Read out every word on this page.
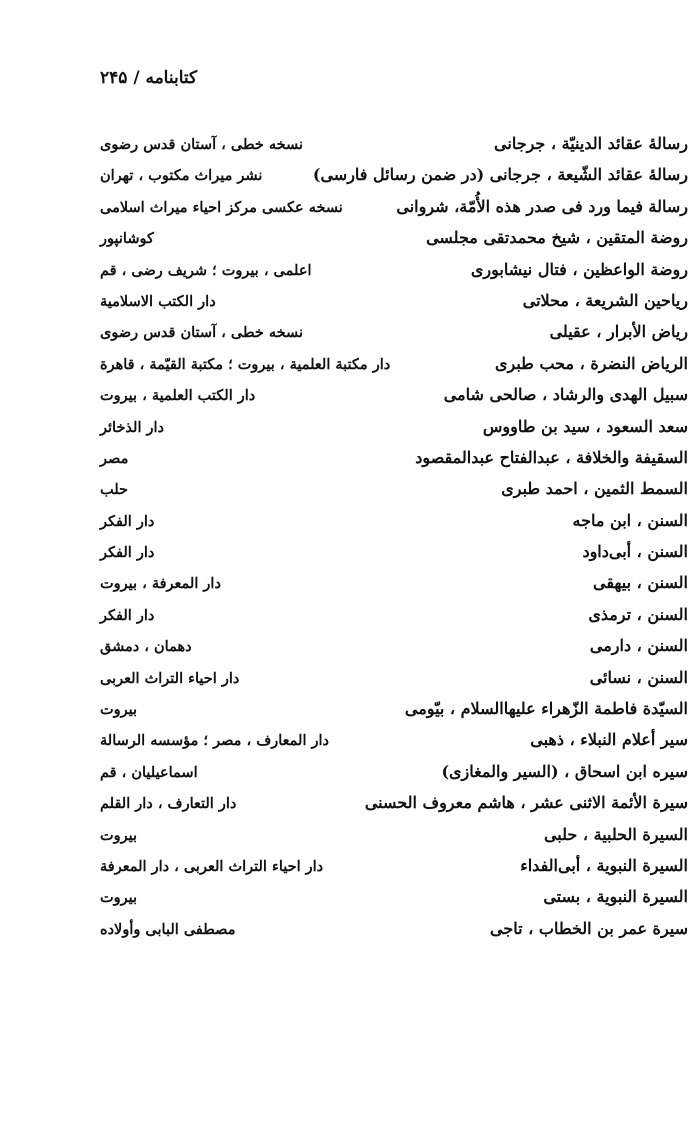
کتابنامه / ۲۴۵
رسالهٔ عقائد الدینیّة ، جرجانی
نسخه خطی ، آستان قدس رضوی
رسالهٔ عقائد الشّیعة ، جرجانی (در ضمن رسائل فارسی)
نشر میراث مکتوب ، تهران
رسالة فیما ورد فی صدر هذه الأُمّة، شروانی
نسخه عکسی مرکز احیاء میراث اسلامی
روضة المتقین ، شیخ محمدتقی مجلسی
کوشانپور
روضة الواعظین ، فتال نیشابوری
اعلمی ، بیروت ؛ شریف رضی ، قم
ریاحین الشریعة ، محلاتی
دار الکتب الاسلامیة
ریاض الأبرار ، عقیلی
نسخه خطی ، آستان قدس رضوی
الریاض النضرة ، محب طبری
دار مکتبة العلمیة ، بیروت ؛ مکتبة القیّمة ، قاهرة
سبیل الهدی والرشاد ، صالحی شامی
دار الکتب العلمیة ، بیروت
سعد السعود ، سید بن طاووس
دار الذخائر
السقیفة والخلافة ، عبدالفتاح عبدالمقصود
مصر
السمط الثمین ، احمد طبری
حلب
السنن ، ابن ماجه
دار الفکر
السنن ، أبی‌داود
دار الفکر
السنن ، بیهقی
دار المعرفة ، بیروت
السنن ، ترمذی
دار الفکر
السنن ، دارمی
دهمان ، دمشق
السنن ، نسائی
دار احیاء التراث العربی
السیّدة فاطمة الزّهراء علیهاالسلام ، بیّومی
بیروت
سیر أعلام النبلاء ، ذهبی
دار المعارف ، مصر ؛ مؤسسه الرسالة
سیره ابن اسحاق ، (السیر والمغازی)
اسماعیلیان ، قم
سیرة الأئمة الاثنی عشر ، هاشم معروف الحسنی
دار التعارف ، دار القلم
السیرة الحلبیة ، حلبی
بیروت
السیرة النبویة ، أبی‌الفداء
دار احیاء التراث العربی ، دار المعرفة
السیرة النبویة ، بستی
بیروت
سیرة عمر بن الخطاب ، تاجی
مصطفی البابی وأولاده
